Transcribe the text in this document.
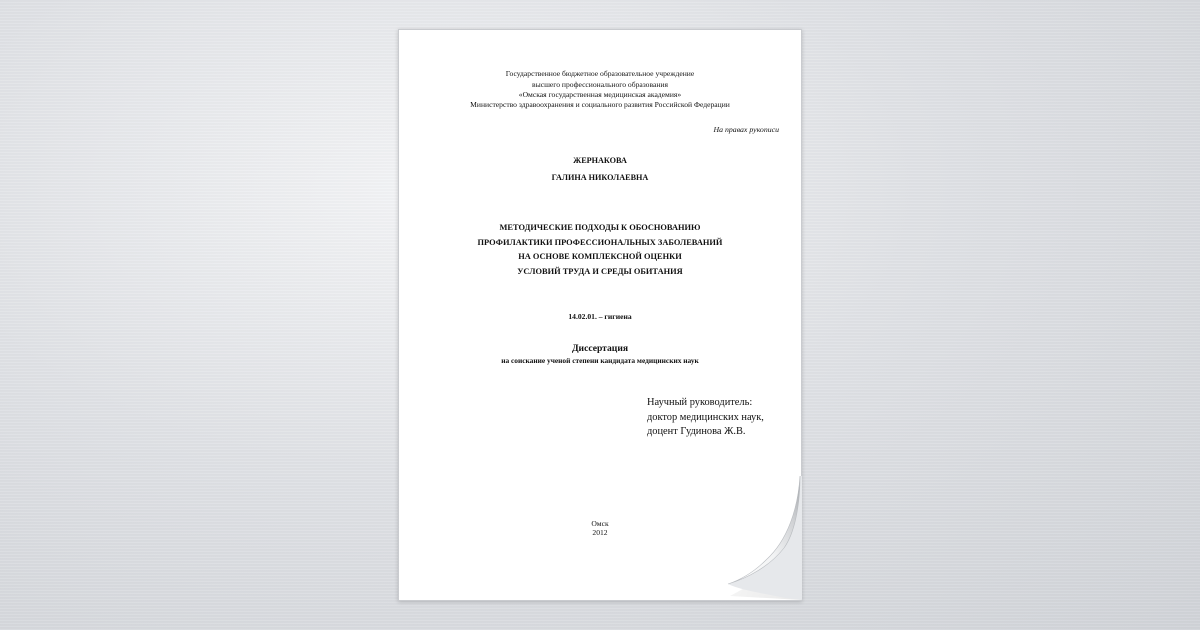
Государственное бюджетное образовательное учреждение
высшего профессионального образования
«Омская государственная медицинская академия»
Министерство здравоохранения и социального развития Российской Федерации
На правах рукописи
ЖЕРНАКОВА
ГАЛИНА НИКОЛАЕВНА
МЕТОДИЧЕСКИЕ ПОДХОДЫ К ОБОСНОВАНИЮ
ПРОФИЛАКТИКИ ПРОФЕССИОНАЛЬНЫХ ЗАБОЛЕВАНИЙ
НА ОСНОВЕ КОМПЛЕКСНОЙ ОЦЕНКИ
УСЛОВИЙ ТРУДА И СРЕДЫ ОБИТАНИЯ
14.02.01. – гигиена
Диссертация
на соискание ученой степени кандидата медицинских наук
Научный руководитель:
доктор медицинских наук,
доцент Гудинова Ж.В.
Омск
2012
